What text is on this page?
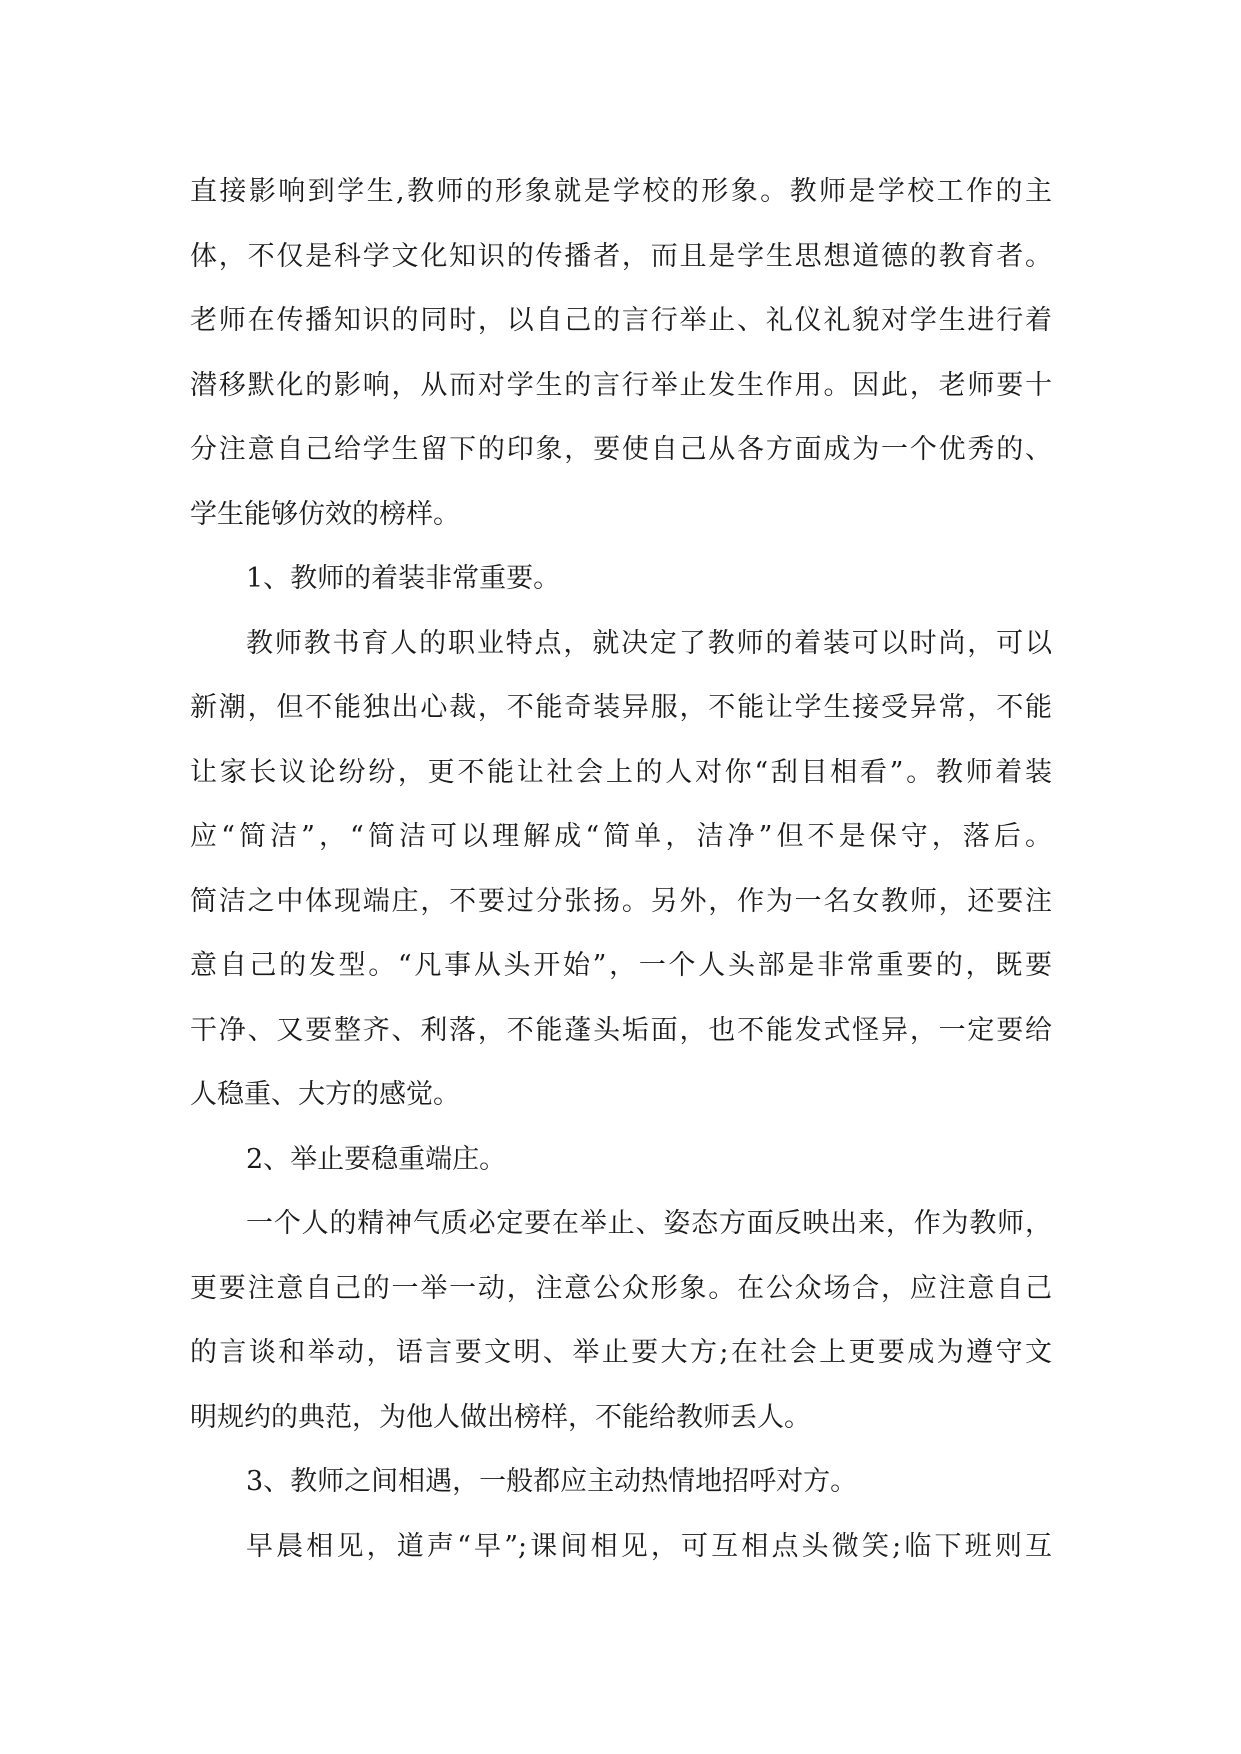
直接影响到学生,教师的形象就是学校的形象。教师是学校工作的主
体，不仅是科学文化知识的传播者，而且是学生思想道德的教育者。
老师在传播知识的同时，以自己的言行举止、礼仪礼貌对学生进行着
潜移默化的影响，从而对学生的言行举止发生作用。因此，老师要十
分注意自己给学生留下的印象，要使自己从各方面成为一个优秀的、
学生能够仿效的榜样。
1、教师的着装非常重要。
教师教书育人的职业特点，就决定了教师的着装可以时尚，可以
新潮，但不能独出心裁，不能奇装异服，不能让学生接受异常，不能
让家长议论纷纷，更不能让社会上的人对你“刮目相看”。教师着装
应“简洁”，“简洁可以理解成“简单，洁净”但不是保守，落后。
简洁之中体现端庄，不要过分张扬。另外，作为一名女教师，还要注
意自己的发型。“凡事从头开始”，一个人头部是非常重要的，既要
干净、又要整齐、利落，不能蓬头垢面，也不能发式怪异，一定要给
人稳重、大方的感觉。
2、举止要稳重端庄。
一个人的精神气质必定要在举止、姿态方面反映出来，作为教师，
更要注意自己的一举一动，注意公众形象。在公众场合，应注意自己
的言谈和举动，语言要文明、举止要大方;在社会上更要成为遵守文
明规约的典范，为他人做出榜样，不能给教师丢人。
3、教师之间相遇，一般都应主动热情地招呼对方。
早晨相见，道声“早”;课间相见，可互相点头微笑;临下班则互
